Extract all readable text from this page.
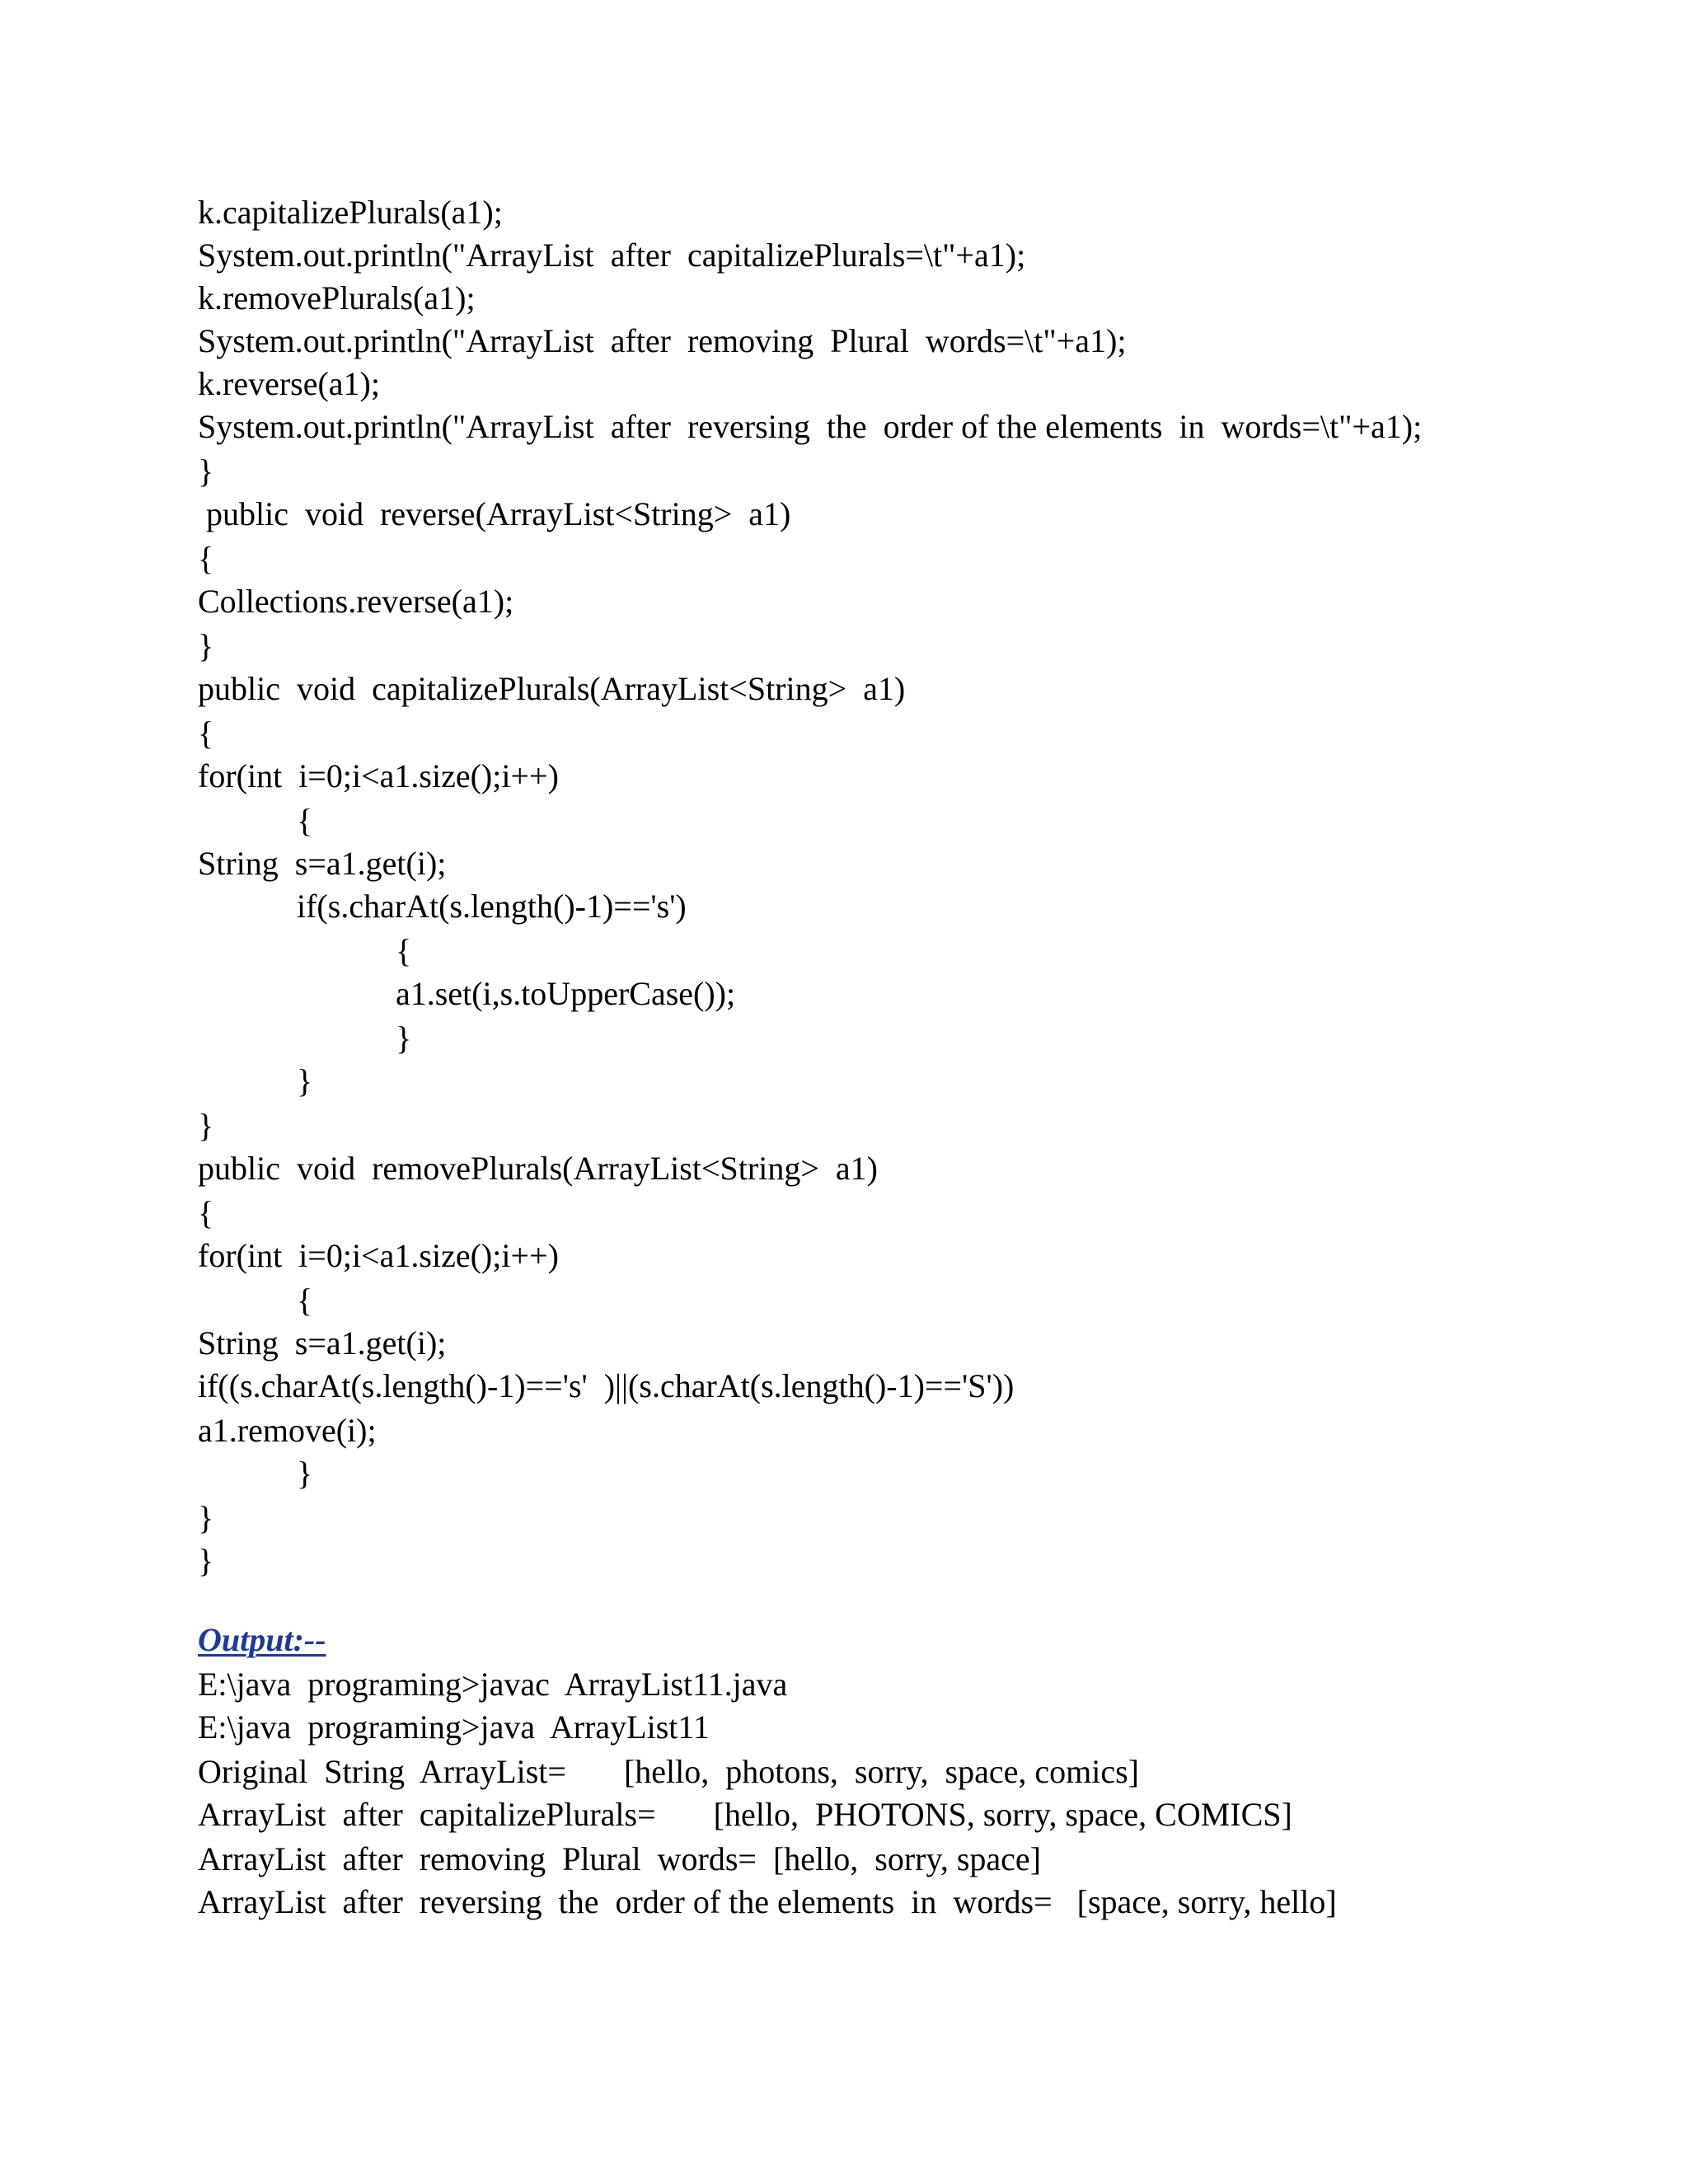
k.capitalizePlurals(a1);
System.out.println("ArrayList  after  capitalizePlurals=\t"+a1);
k.removePlurals(a1);
System.out.println("ArrayList  after  removing  Plural  words=\t"+a1);
k.reverse(a1);
System.out.println("ArrayList  after  reversing  the  order of the elements  in  words=\t"+a1);
}
public  void  reverse(ArrayList<String>  a1)
{
Collections.reverse(a1);
}
public  void  capitalizePlurals(ArrayList<String>  a1)
{
for(int  i=0;i<a1.size();i++)
{
String  s=a1.get(i);
if(s.charAt(s.length()-1)=='s')
{
a1.set(i,s.toUpperCase());
}
}
}
public  void  removePlurals(ArrayList<String>  a1)
{
for(int  i=0;i<a1.size();i++)
{
String  s=a1.get(i);
if((s.charAt(s.length()-1)=='s'  )||(s.charAt(s.length()-1)=='S'))
a1.remove(i);
}
}
}
Output:--
E:\java  programing>javac  ArrayList11.java
E:\java  programing>java  ArrayList11
Original  String  ArrayList=       [hello,  photons,  sorry,  space, comics]
ArrayList  after  capitalizePlurals=       [hello,  PHOTONS, sorry, space, COMICS]
ArrayList  after  removing  Plural  words=  [hello,  sorry, space]
ArrayList  after  reversing  the  order of the elements  in  words=   [space, sorry, hello]
